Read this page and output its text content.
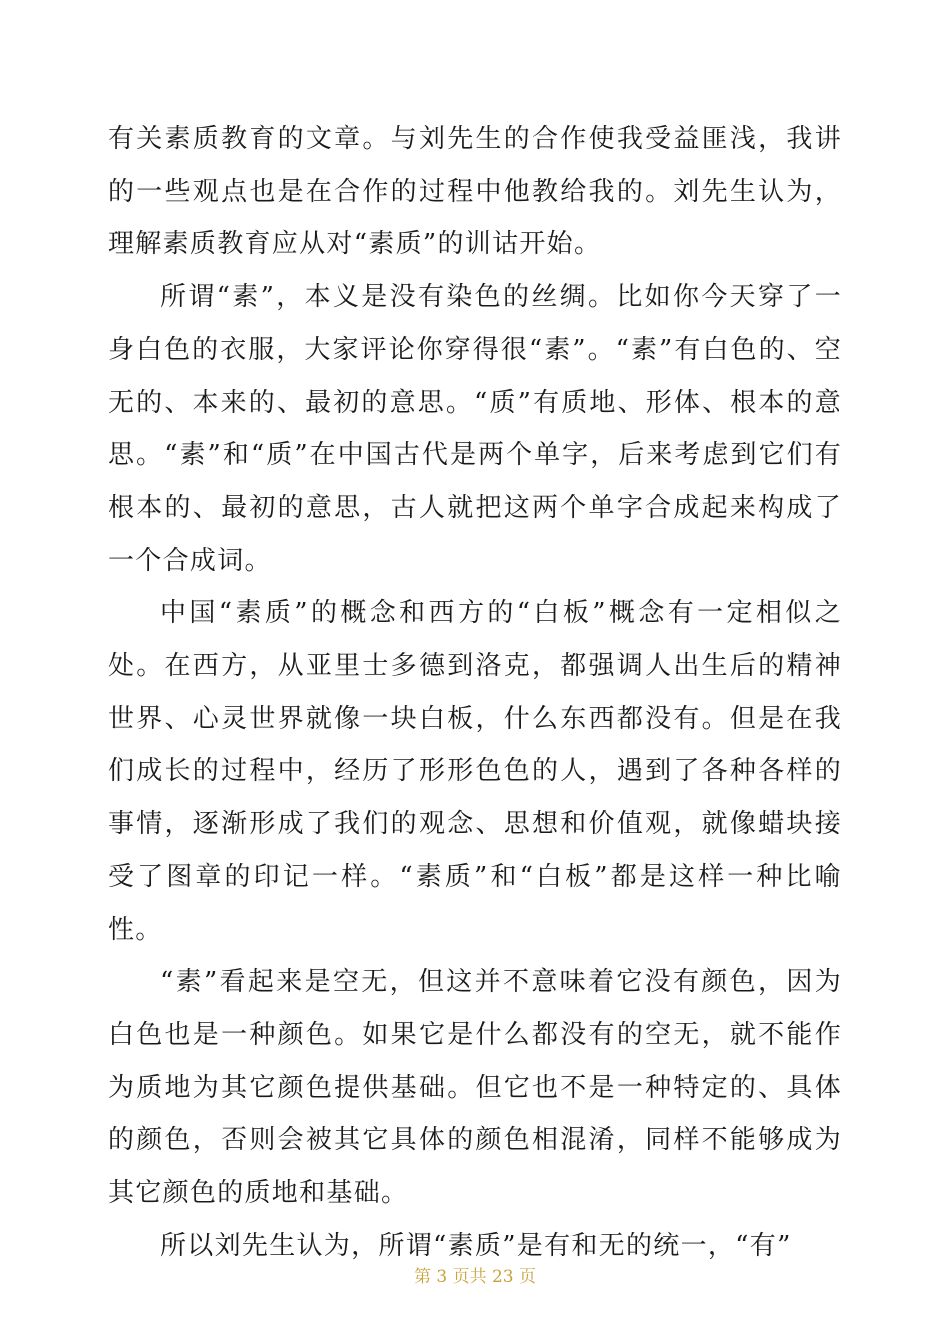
有关素质教育的文章。与刘先生的合作使我受益匪浅，我讲的一些观点也是在合作的过程中他教给我的。刘先生认为，理解素质教育应从对“素质”的训诂开始。

所谓“素”，本义是没有染色的丝绸。比如你今天穿了一身白色的衣服，大家评论你穿得很“素”。“素”有白色的、空无的、本来的、最初的意思。“质”有质地、形体、根本的意思。“素”和“质”在中国古代是两个单字，后来考虑到它们有根本的、最初的意思，古人就把这两个单字合成起来构成了一个合成词。

中国“素质”的概念和西方的“白板”概念有一定相似之处。在西方，从亚里士多德到洛克，都强调人出生后的精神世界、心灵世界就像一块白板，什么东西都没有。但是在我们成长的过程中，经历了形形色色的人，遇到了各种各样的事情，逐渐形成了我们的观念、思想和价值观，就像蜡块接受了图章的印记一样。“素质”和“白板”都是这样一种比喻性。

“素”看起来是空无，但这并不意味着它没有颜色，因为白色也是一种颜色。如果它是什么都没有的空无，就不能作为质地为其它颜色提供基础。但它也不是一种特定的、具体的颜色，否则会被其它具体的颜色相混淆，同样不能够成为其它颜色的质地和基础。

所以刘先生认为，所谓“素质”是有和无的统一，“有”

第 3 页共 23 页
